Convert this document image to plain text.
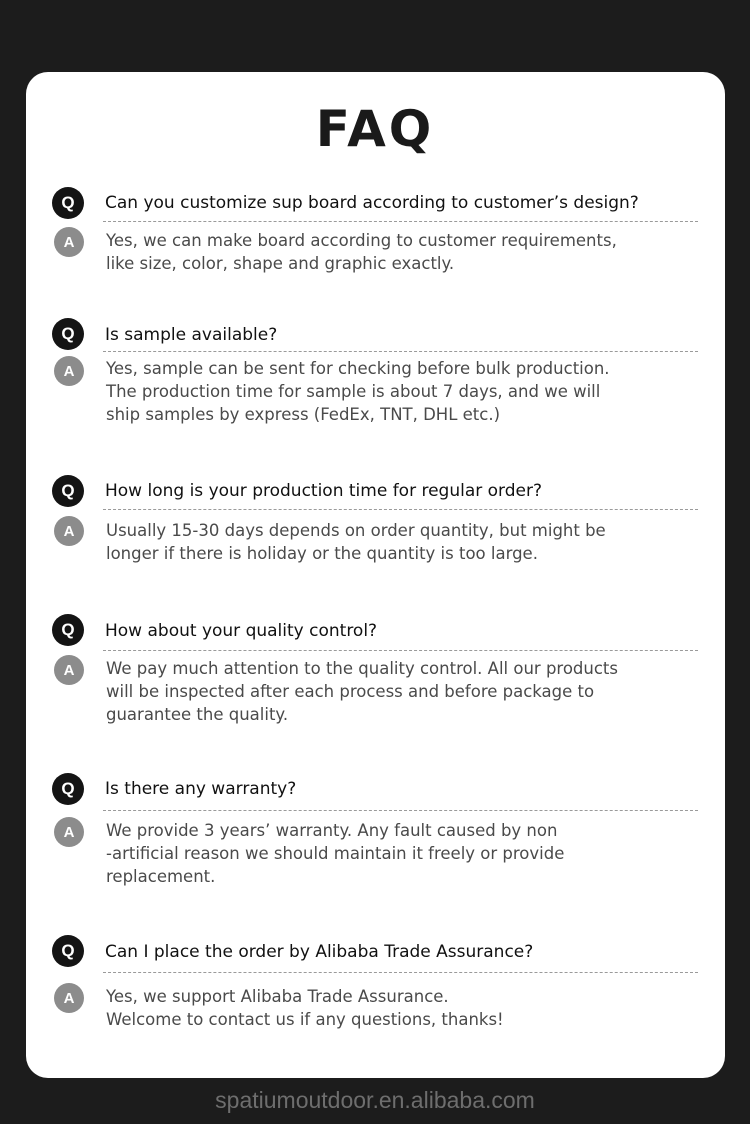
FAQ
Q	Can you customize sup board according to customer’s design?
A	Yes, we can make board according to customer requirements,
like size, color, shape and graphic exactly.
Q	Is sample available?
A	Yes, sample can be sent for checking before bulk production.
The production time for sample is about 7 days, and we will
ship samples by express (FedEx, TNT, DHL etc.)
Q	How long is your production time for regular order?
A	Usually 15-30 days depends on order quantity, but might be
longer if there is holiday or the quantity is too large.
Q	How about your quality control?
A	We pay much attention to the quality control. All our products
will be inspected after each process and before package to
guarantee the quality.
Q	Is there any warranty?
A	We provide 3 years’ warranty. Any fault caused by non
-artificial reason we should maintain it freely or provide
replacement.
Q	Can I place the order by Alibaba Trade Assurance?
A	Yes, we support Alibaba Trade Assurance.
Welcome to contact us if any questions, thanks!
spatiumoutdoor.en.alibaba.com
